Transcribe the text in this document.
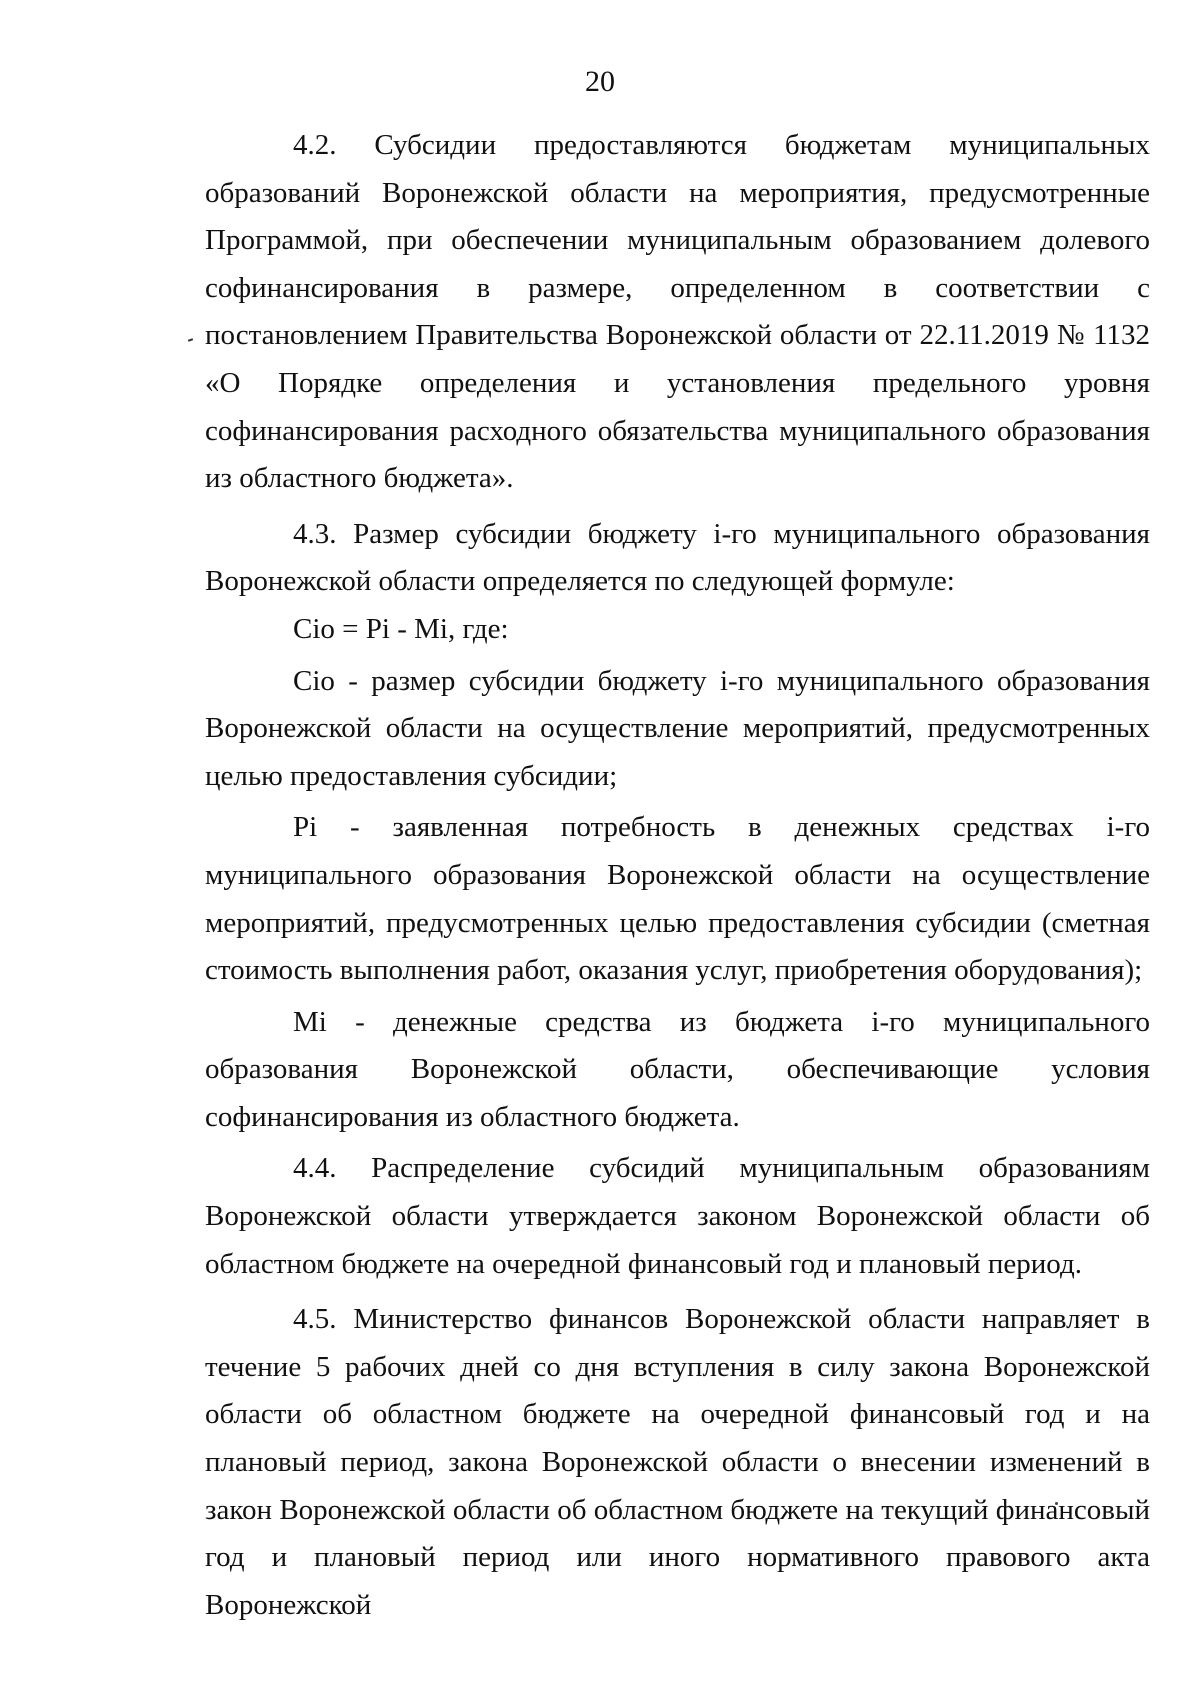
20

4.2. Субсидии предоставляются бюджетам муниципальных образований Воронежской области на мероприятия, предусмотренные Программой, при обеспечении муниципальным образованием долевого софинансирования в размере, определенном в соответствии с постановлением Правительства Воронежской области от 22.11.2019 № 1132 «О Порядке определения и установления предельного уровня софинансирования расходного обязательства муниципального образования из областного бюджета».

4.3. Размер субсидии бюджету i-го муниципального образования Воронежской области определяется по следующей формуле:

Сio = Pi - Mi, где:

Сio - размер субсидии бюджету i-го муниципального образования Воронежской области на осуществление мероприятий, предусмотренных целью предоставления субсидии;

Pi - заявленная потребность в денежных средствах i-го муниципального образования Воронежской области на осуществление мероприятий, предусмотренных целью предоставления субсидии (сметная стоимость выполнения работ, оказания услуг, приобретения оборудования);

Mi - денежные средства из бюджета i-го муниципального образования Воронежской области, обеспечивающие условия софинансирования из областного бюджета.

4.4. Распределение субсидий муниципальным образованиям Воронежской области утверждается законом Воронежской области об областном бюджете на очередной финансовый год и плановый период.

4.5. Министерство финансов Воронежской области направляет в течение 5 рабочих дней со дня вступления в силу закона Воронежской области об областном бюджете на очередной финансовый год и на плановый период, закона Воронежской области о внесении изменений в закон Воронежской области об областном бюджете на текущий финансовый год и плановый период или иного нормативного правового акта Воронежской
